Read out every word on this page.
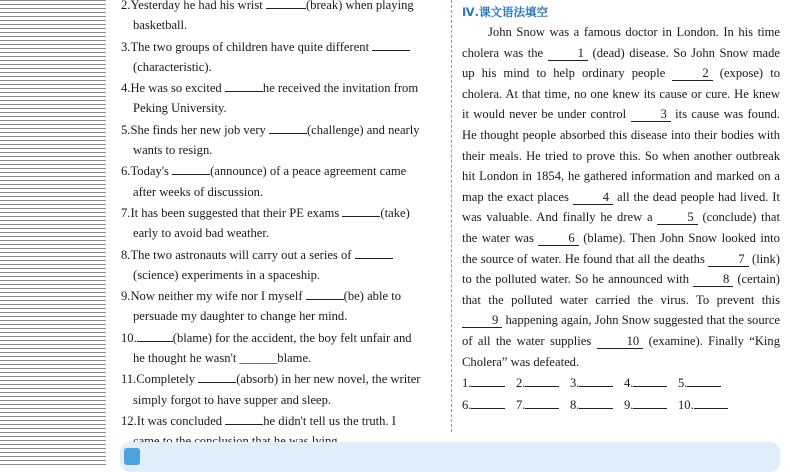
2.Yesterday he had his wrist	(break) when playing
basketball.
3.The two groups of children have quite different
(characteristic).
4.He was so excited	he received the invitation from
Peking University.
5.She finds her new job very	(challenge) and nearly
wants to resign.
6.Today's	(announce) of a peace agreement came
after weeks of discussion.
7.It has been suggested that their PE exams	(take)
early to avoid bad weather.
8.The two astronauts will carry out a series of
(science) experiments in a spaceship.
9.Now neither my wife nor I myself	(be) able to
persuade my daughter to change her mind.
10.	(blame) for the accident, the boy felt unfair and
he thought he wasn't ______blame.
11.Completely	(absorb) in her new novel, the writer
simply forgot to have supper and sleep.
12.It was concluded	he didn't tell us the truth. I
Ⅳ.课文语法填空

John Snow was a famous doctor in London. In his time cholera was the	1 (dead) disease. So John Snow made up his mind to help ordinary people	2 (expose) to cholera. At that time, no one knew its cause or cure. He knew it would never be under control	3 its cause was found. He thought people absorbed this disease into their bodies with their meals. He tried to prove this. So when another outbreak hit London in 1854, he gathered information and marked on a map the exact places	4 all the dead people had lived. It was valuable. And finally he drew a	5 (conclude) that the water was	6 (blame). Then John Snow looked into the source of water. He found that all the deaths	7 (link) to the polluted water. So he announced with	8 (certain) that the polluted water carried the virus. To prevent this 9 happening again, John Snow suggested that the source of all the water supplies	10 (examine). Finally “King Cholera” was defeated.

1.	2.	3.	4.	5.
6.	7.	8.	9.	10.
